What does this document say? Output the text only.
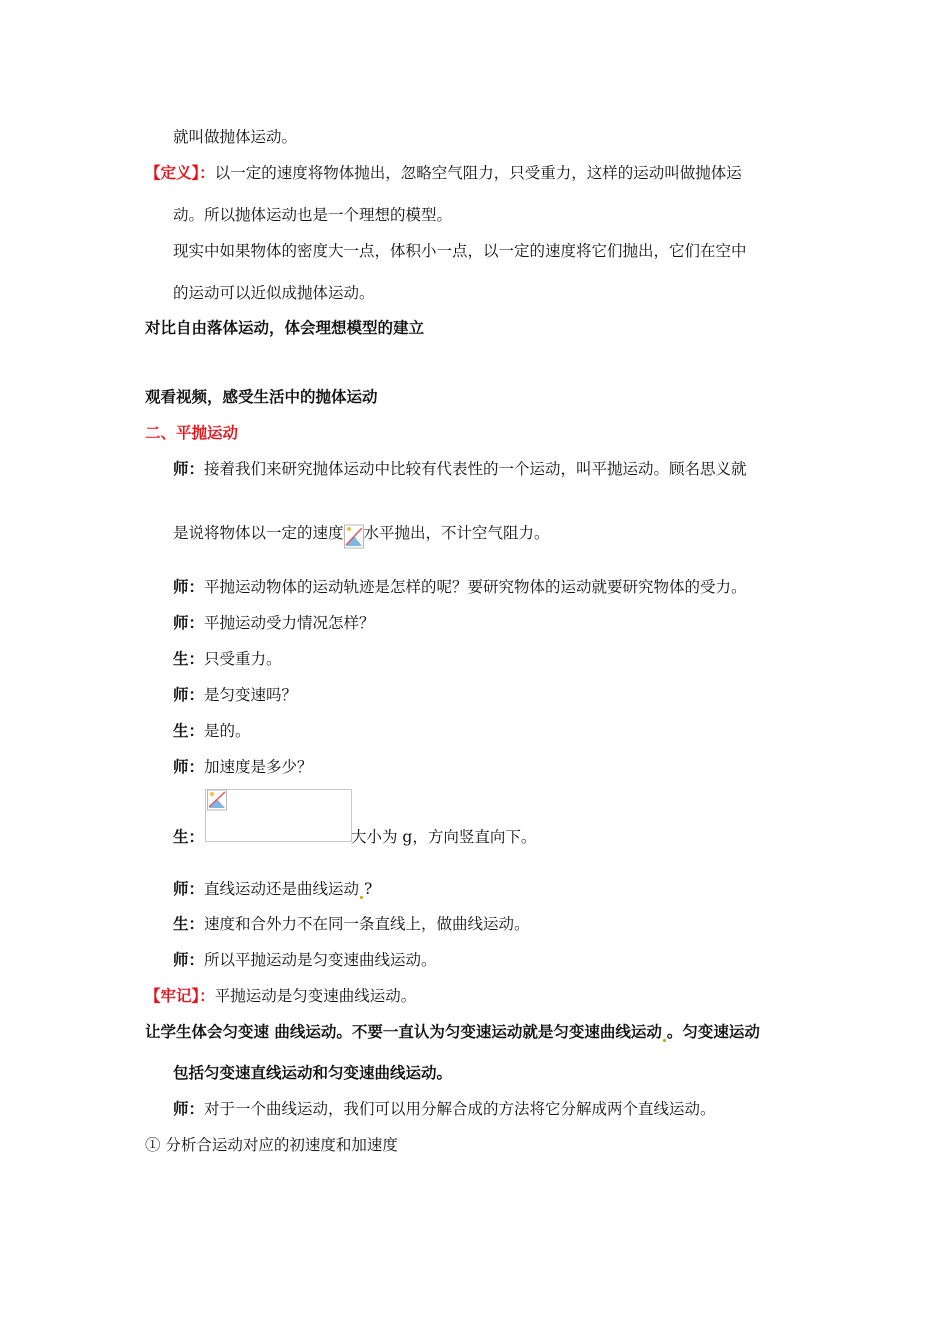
就叫做抛体运动。
【定义】：以一定的速度将物体抛出，忽略空气阻力，只受重力，这样的运动叫做抛体运
动。所以抛体运动也是一个理想的模型。
现实中如果物体的密度大一点，体积小一点，以一定的速度将它们抛出，它们在空中
的运动可以近似成抛体运动。
对比自由落体运动，体会理想模型的建立
观看视频，感受生活中的抛体运动
二、平抛运动
师：接着我们来研究抛体运动中比较有代表性的一个运动，叫平抛运动。顾名思义就
是说将物体以一定的速度 水平抛出，不计空气阻力。
师：平抛运动物体的运动轨迹是怎样的呢？要研究物体的运动就要研究物体的受力。
师：平抛运动受力情况怎样？
生：只受重力。
师：是匀变速吗？
生：是的。
师：加速度是多少？
生：	大小为 g，方向竖直向下。
师：直线运动还是曲线运动 ?
生：速度和合外力不在同一条直线上，做曲线运动。
师：所以平抛运动是匀变速曲线运动。
【牢记】：平抛运动是匀变速曲线运动。
让学生体会匀变速 曲线运动。不要一直认为匀变速运动就是匀变速曲线运动 。匀变速运动
包括匀变速直线运动和匀变速曲线运动。
师：对于一个曲线运动，我们可以用分解合成的方法将它分解成两个直线运动。
① 分析合运动对应的初速度和加速度
